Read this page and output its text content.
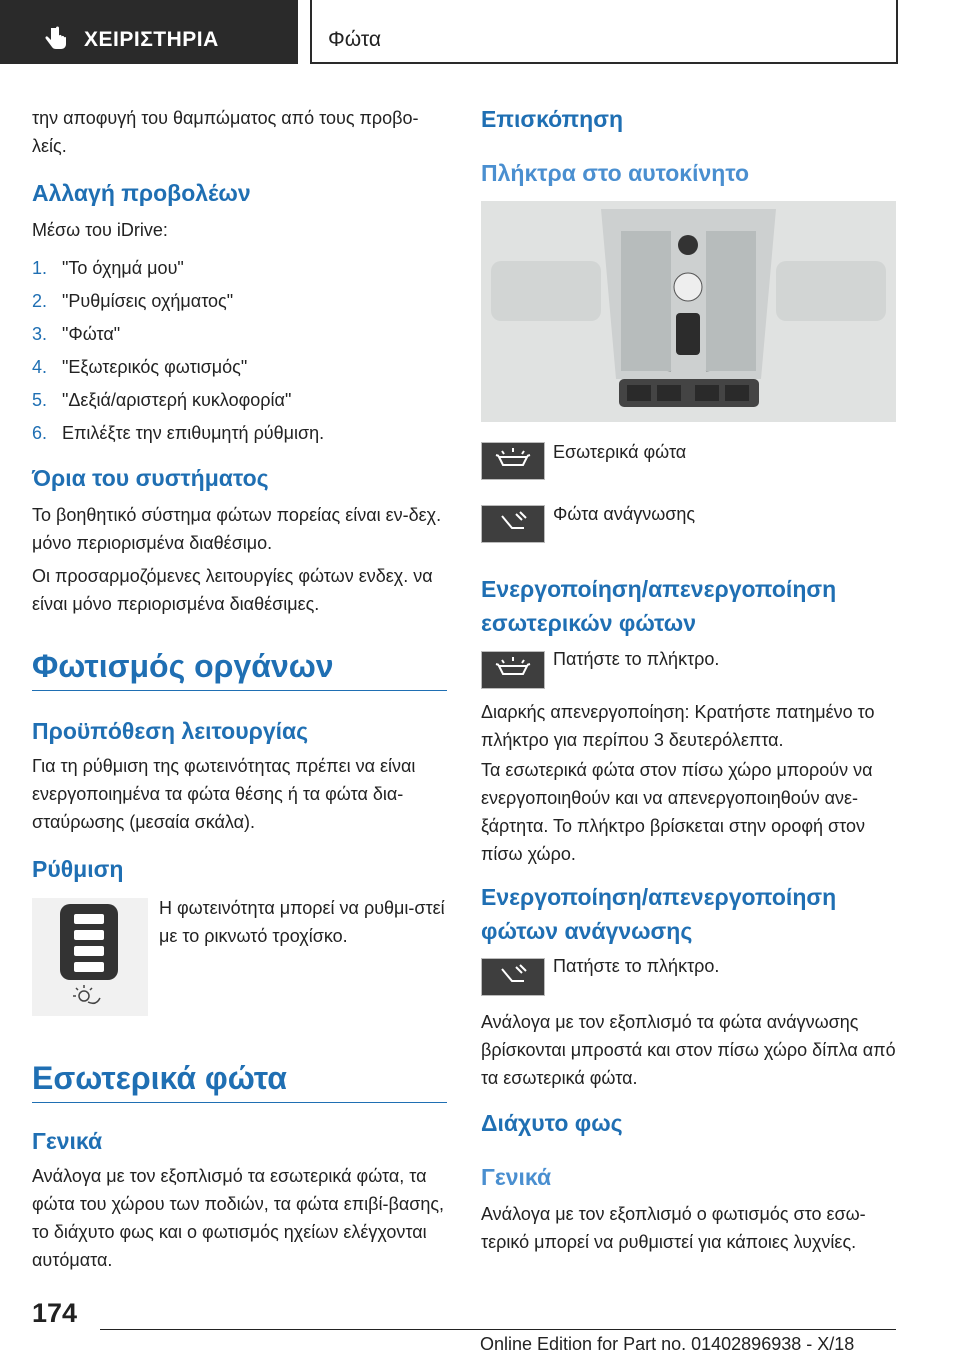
ΧΕΙΡΙΣΤΗΡΙΑ	Φώτα

την αποφυγή του θαμπώματος από τους προβο-λείς.

Αλλαγή προβολέων

Μέσω του iDrive:

1. "Το όχημά μου"
2. "Ρυθμίσεις οχήματος"
3. "Φώτα"
4. "Εξωτερικός φωτισμός"
5. "Δεξιά/αριστερή κυκλοφορία"
6. Επιλέξτε την επιθυμητή ρύθμιση.
Όρια του συστήματος

Το βοηθητικό σύστημα φώτων πορείας είναι εν-δεχ. μόνο περιορισμένα διαθέσιμο.

Οι προσαρμοζόμενες λειτουργίες φώτων ενδεχ. να είναι μόνο περιορισμένα διαθέσιμες.

Φωτισμός οργάνων
Προϋπόθεση λειτουργίας

Για τη ρύθμιση της φωτεινότητας πρέπει να είναι ενεργοποιημένα τα φώτα θέσης ή τα φώτα δια-σταύρωσης (μεσαία σκάλα).

Ρύθμιση

Η φωτεινότητα μπορεί να ρυθμι-στεί με το ρικνωτό τροχίσκο.

Εσωτερικά φώτα
Γενικά

Ανάλογα με τον εξοπλισμό τα εσωτερικά φώτα, τα φώτα του χώρου των ποδιών, τα φώτα επιβί-βασης, το διάχυτο φως και ο φωτισμός ηχείων ελέγχονται αυτόματα.

Επισκόπηση
Πλήκτρα στο αυτοκίνητο

Εσωτερικά φώτα

Φώτα ανάγνωσης

Ενεργοποίηση/απενεργοποίηση εσωτερικών φώτων

Πατήστε το πλήκτρο.

Διαρκής απενεργοποίηση: Κρατήστε πατημένο το πλήκτρο για περίπου 3 δευτερόλεπτα.

Τα εσωτερικά φώτα στον πίσω χώρο μπορούν να ενεργοποιηθούν και να απενεργοποιηθούν ανε-ξάρτητα. Το πλήκτρο βρίσκεται στην οροφή στον πίσω χώρο.

Ενεργοποίηση/απενεργοποίηση φώτων ανάγνωσης

Πατήστε το πλήκτρο.

Ανάλογα με τον εξοπλισμό τα φώτα ανάγνωσης βρίσκονται μπροστά και στον πίσω χώρο δίπλα από τα εσωτερικά φώτα.

Διάχυτο φως
Γενικά

Ανάλογα με τον εξοπλισμό ο φωτισμός στο εσω-τερικό μπορεί να ρυθμιστεί για κάποιες λυχνίες.

174
Online Edition for Part no. 01402896938 - X/18
